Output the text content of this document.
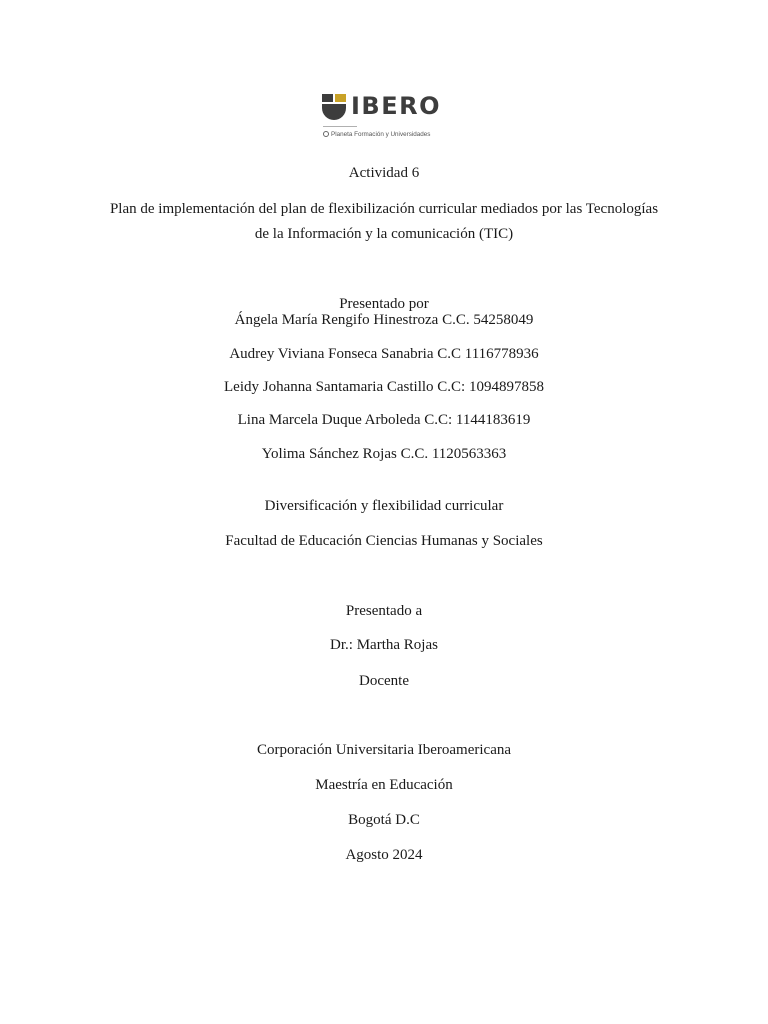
IBERO
Planeta Formación y Universidades
Actividad 6
Plan de implementación del plan de flexibilización curricular mediados por las Tecnologías
de la Información y la comunicación (TIC)
Presentado por
Ángela María Rengifo Hinestroza C.C. 54258049
Audrey Viviana Fonseca Sanabria C.C 1116778936
Leidy Johanna Santamaria Castillo C.C: 1094897858
Lina Marcela Duque Arboleda C.C: 1144183619
Yolima Sánchez Rojas C.C. 1120563363
Diversificación y flexibilidad curricular
Facultad de Educación Ciencias Humanas y Sociales
Presentado a
Dr.: Martha Rojas
Docente
Corporación Universitaria Iberoamericana
Maestría en Educación
Bogotá D.C
Agosto 2024
